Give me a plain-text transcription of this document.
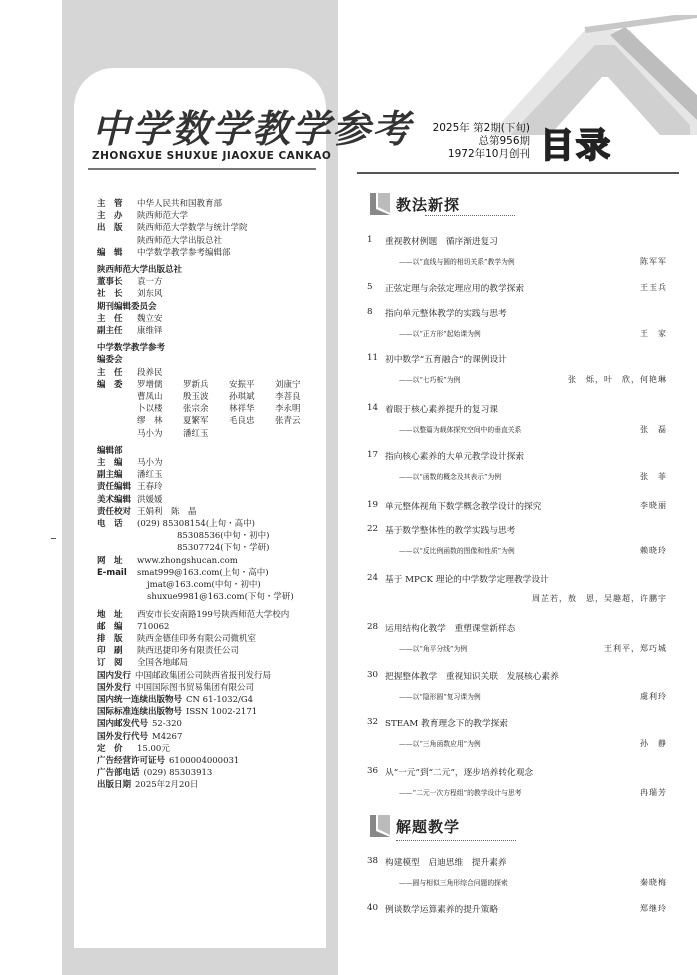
中学数学教学参考
ZHONGXUE SHUXUE JIAOXUE CANKAO
主　管 中华人民共和国教育部
主　办 陕西师范大学
出　版 陕西师范大学数学与统计学院
陕西师范大学出版总社
编　辑 中学数学教学参考编辑部
陕西师范大学出版总社
董事长 袁一方
社　长 刘东风
期刊编辑委员会
主　任 魏立安
副主任 康维铎
中学数学教学参考
编委会
主　任 段养民
编　委	罗增儒	罗新兵	安振平	刘康宁
曹凤山	殷玉波	孙琪斌	李菩良
卜以楼	张宗余	林祥华	李永明
缪　林	夏繁军	毛良忠	张青云
马小为	潘红玉
编辑部
主　编 马小为
副主编 潘红玉
责任编辑 王春玲
美术编辑 洪媛媛
责任校对 王娟利　陈　晶
电　话 (029) 85308154(上旬・高中)
85308536(中旬・初中)
85307724(下旬・学研)
网　址 www.zhongshucan.com
E-mail smat999@163.com(上旬・高中)
jmat@163.com(中旬・初中)
shuxue9981@163.com(下旬・学研)
地　址 西安市长安南路199号陕西师范大学校内
邮　编 710062
排　版 陕西金德佳印务有限公司微机室
印　刷 陕西迅捷印务有限责任公司
订　阅 全国各地邮局
国内发行 中国邮政集团公司陕西省报刊发行局
国外发行 中国国际图书贸易集团有限公司
国内统一连续出版物号 CN 61-1032/G4
国际标准连续出版物号 ISSN 1002-2171
国内邮发代号 52-320
国外发行代号 M4267
定　价 15.00元
广告经营许可证号 6100004000031
广告部电话 (029) 85303913
出版日期 2025年2月20日
2025年 第2期(下旬)
总第956期
1972年10月创刊 目录
教法新探
1	重视教材例题　循序渐进复习
——以“直线与圆的相切关系”教学为例	陈军军
5	正弦定理与余弦定理应用的教学探索	王玉兵
8	指向单元整体教学的实践与思考
——以“正方形”起始课为例	王　家
11 初中数学“五育融合”的课例设计
——以“七巧板”为例	张　烁，叶　欣，何艳琳
14 着眼于核心素养提升的复习课
——以整篇为载体探究空间中的垂直关系	张　磊
17 指向核心素养的大单元教学设计探索
——以“函数的概念及其表示”为例	张　菲
19 单元整体视角下数学概念教学设计的探究	李晓丽
22 基于数学整体性的教学实践与思考
——以“反比例函数的图像和性质”为例	赖晓玲
24 基于 MPCK 理论的中学数学定理教学设计
周芷若，敖　恩，吴趣超，许鹏宇
28 运用结构化教学　重塑课堂新样态
——以“角平分线”为例	王利平，郑巧城
30 把握整体教学　重视知识关联　发展核心素养
——以“隐形圆”复习课为例	虞利玲
32 STEAM 教育理念下的教学探索
——以“三角函数应用”为例	孙　静
36 从“一元”到“二元”，逐步培养转化观念
——“二元一次方程组”的教学设计与思考	冉瑞芳
解题教学
38 构建模型　启迪思维　提升素养
——圆与相似三角形综合问题的探索	秦晓梅
40 例谈数学运算素养的提升策略	郑继玲
